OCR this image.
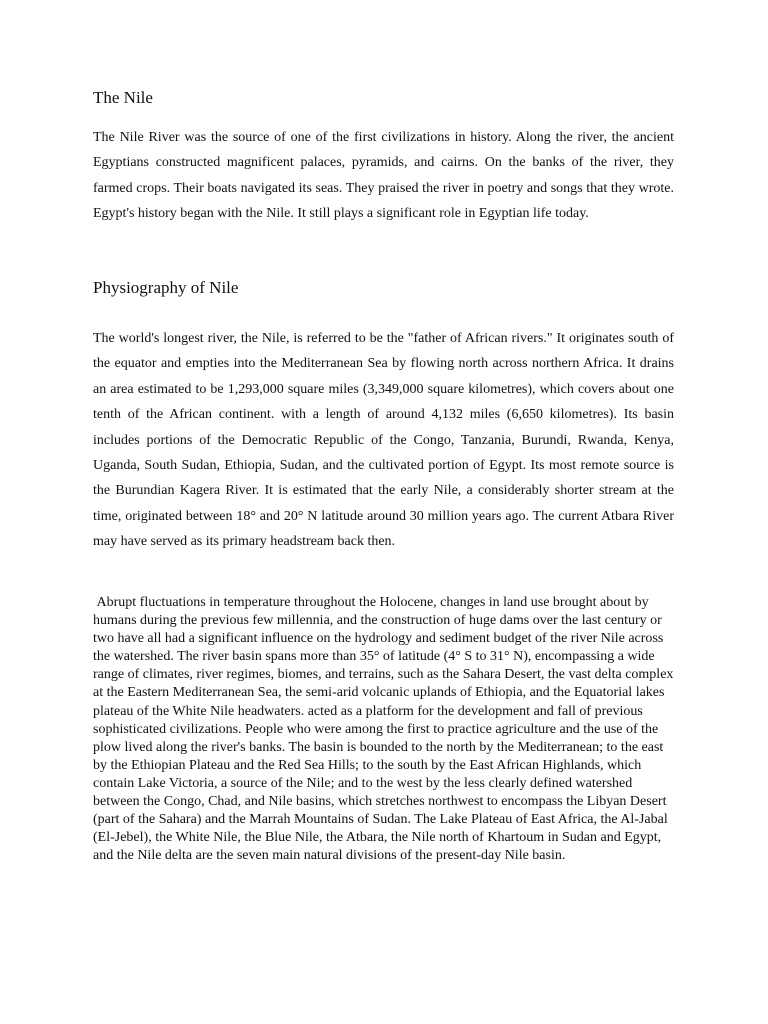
The Nile

The Nile River was the source of one of the first civilizations in history. Along the river, the ancient Egyptians constructed magnificent palaces, pyramids, and cairns. On the banks of the river, they farmed crops. Their boats navigated its seas. They praised the river in poetry and songs that they wrote. Egypt's history began with the Nile. It still plays a significant role in Egyptian life today.

Physiography of Nile

The world's longest river, the Nile, is referred to be the "father of African rivers." It originates south of the equator and empties into the Mediterranean Sea by flowing north across northern Africa. It drains an area estimated to be 1,293,000 square miles (3,349,000 square kilometres), which covers about one tenth of the African continent. with a length of around 4,132 miles (6,650 kilometres). Its basin includes portions of the Democratic Republic of the Congo, Tanzania, Burundi, Rwanda, Kenya, Uganda, South Sudan, Ethiopia, Sudan, and the cultivated portion of Egypt. Its most remote source is the Burundian Kagera River. It is estimated that the early Nile, a considerably shorter stream at the time, originated between 18° and 20° N latitude around 30 million years ago. The current Atbara River may have served as its primary headstream back then.

Abrupt fluctuations in temperature throughout the Holocene, changes in land use brought about by humans during the previous few millennia, and the construction of huge dams over the last century or two have all had a significant influence on the hydrology and sediment budget of the river Nile across the watershed. The river basin spans more than 35° of latitude (4° S to 31° N), encompassing a wide range of climates, river regimes, biomes, and terrains, such as the Sahara Desert, the vast delta complex at the Eastern Mediterranean Sea, the semi-arid volcanic uplands of Ethiopia, and the Equatorial lakes plateau of the White Nile headwaters. acted as a platform for the development and fall of previous sophisticated civilizations. People who were among the first to practice agriculture and the use of the plow lived along the river's banks. The basin is bounded to the north by the Mediterranean; to the east by the Ethiopian Plateau and the Red Sea Hills; to the south by the East African Highlands, which contain Lake Victoria, a source of the Nile; and to the west by the less clearly defined watershed between the Congo, Chad, and Nile basins, which stretches northwest to encompass the Libyan Desert (part of the Sahara) and the Marrah Mountains of Sudan. The Lake Plateau of East Africa, the Al-Jabal (El-Jebel), the White Nile, the Blue Nile, the Atbara, the Nile north of Khartoum in Sudan and Egypt, and the Nile delta are the seven main natural divisions of the present-day Nile basin.
